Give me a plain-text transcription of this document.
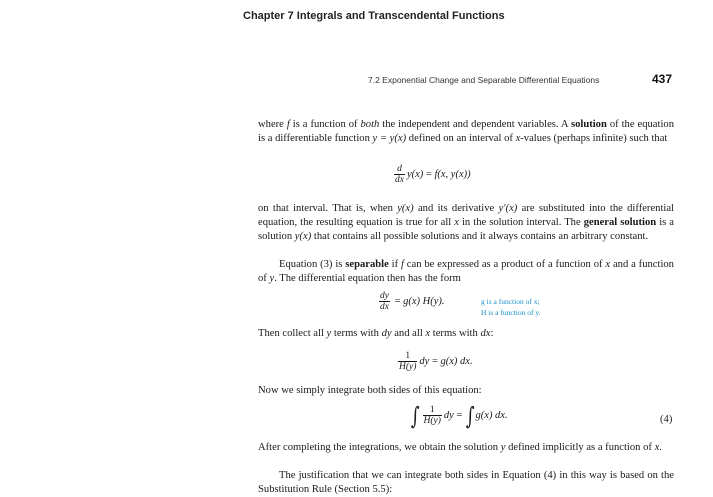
Chapter 7 Integrals and Transcendental Functions
7.2 Exponential Change and Separable Differential Equations	437
where f is a function of both the independent and dependent variables. A solution of the equation is a differentiable function y = y(x) defined on an interval of x-values (perhaps infinite) such that
$\frac{d}{dx} y(x)$
=
f(x, y(x))
on that interval. That is, when y(x) and its derivative y′(x) are substituted into the differential equation, the resulting equation is true for all x in the solution interval. The general solution is a solution y(x) that contains all possible solutions and it always contains an arbitrary constant.
Equation (3) is separable if f can be expressed as a product of a function of x and a function of y. The differential equation then has the form
$\frac{dy}{dx}$
=
g(x) H(y).	g is a function of x;
H is a function of y.
Then collect all y terms with dy and all x terms with dx:
$\frac{1}{H(y)}$ dy
=
g(x) dx.
Now we simply integrate both sides of this equation:
∫ $\frac{1}{H(y)}$ dy
=
∫ g(x) dx.	(4)
After completing the integrations, we obtain the solution y defined implicitly as a function of x.
The justification that we can integrate both sides in Equation (4) in this way is based on the Substitution Rule (Section 5.5):
